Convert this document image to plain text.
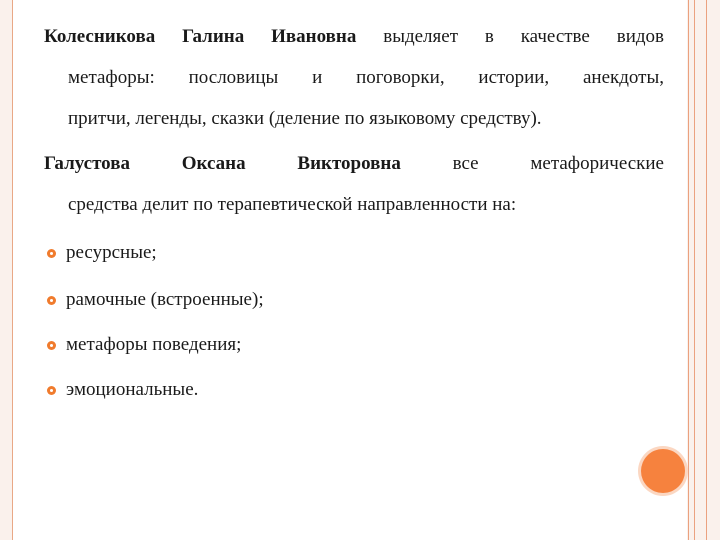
Колесникова Галина Ивановна выделяет в качестве видов
метафоры: пословицы и поговорки, истории, анекдоты,
притчи, легенды, сказки (деление по языковому средству).
Галустова Оксана Викторовна все метафорические
средства делит по терапевтической направленности на:
ресурсные;
рамочные (встроенные);
метафоры поведения;
эмоциональные.
